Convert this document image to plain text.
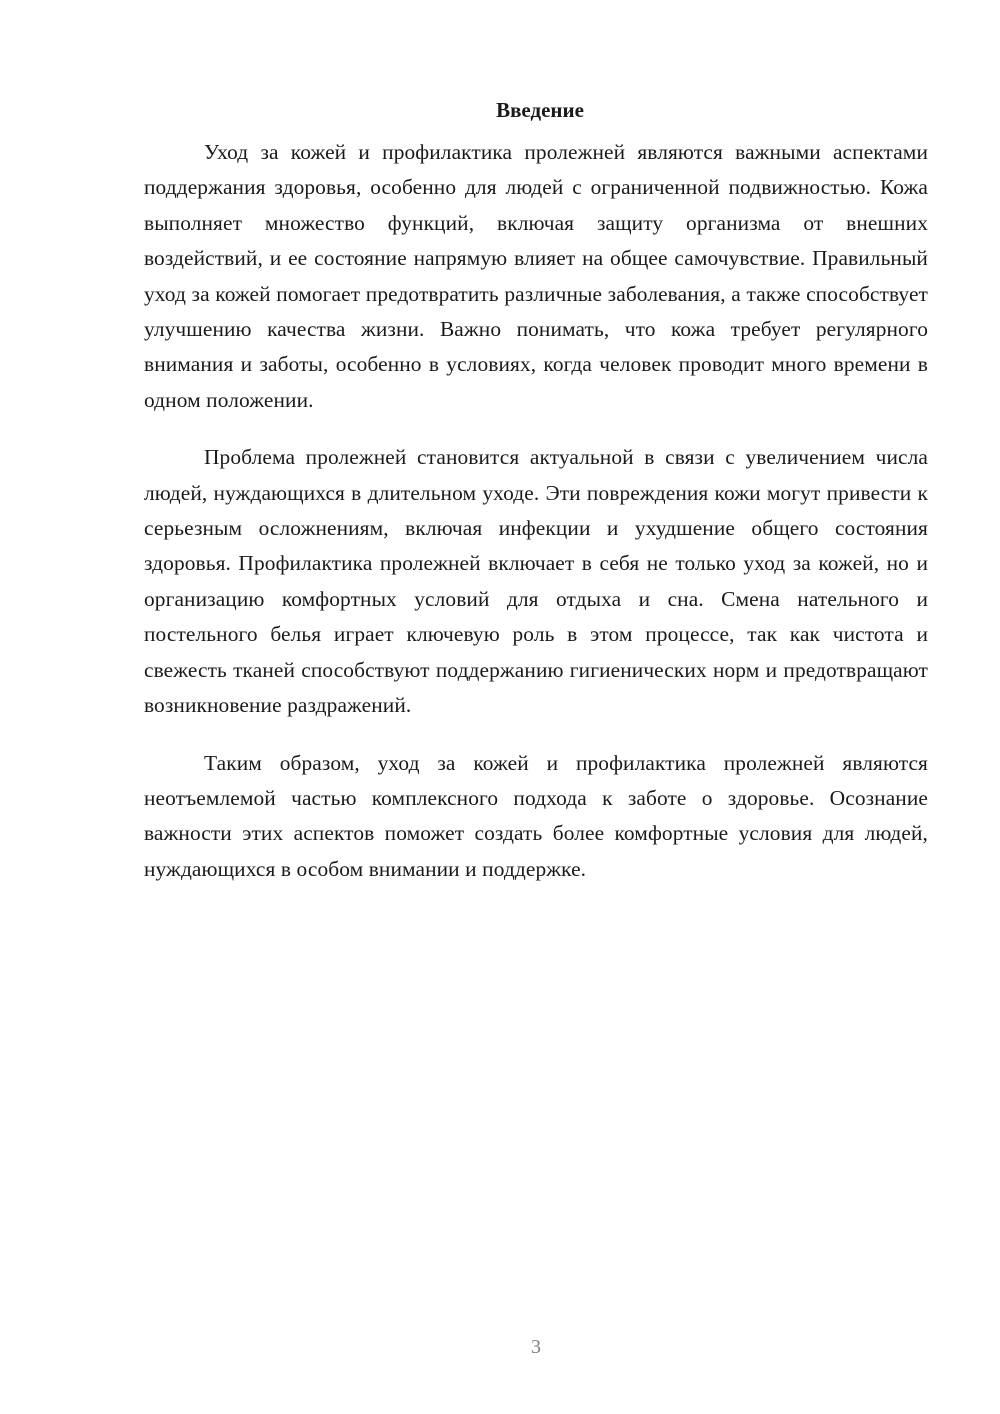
Введение

Уход за кожей и профилактика пролежней являются важными аспектами поддержания здоровья, особенно для людей с ограниченной подвижностью. Кожа выполняет множество функций, включая защиту организма от внешних воздействий, и ее состояние напрямую влияет на общее самочувствие. Правильный уход за кожей помогает предотвратить различные заболевания, а также способствует улучшению качества жизни. Важно понимать, что кожа требует регулярного внимания и заботы, особенно в условиях, когда человек проводит много времени в одном положении.

Проблема пролежней становится актуальной в связи с увеличением числа людей, нуждающихся в длительном уходе. Эти повреждения кожи могут привести к серьезным осложнениям, включая инфекции и ухудшение общего состояния здоровья. Профилактика пролежней включает в себя не только уход за кожей, но и организацию комфортных условий для отдыха и сна. Смена нательного и постельного белья играет ключевую роль в этом процессе, так как чистота и свежесть тканей способствуют поддержанию гигиенических норм и предотвращают возникновение раздражений.

Таким образом, уход за кожей и профилактика пролежней являются неотъемлемой частью комплексного подхода к заботе о здоровье. Осознание важности этих аспектов поможет создать более комфортные условия для людей, нуждающихся в особом внимании и поддержке.

3
